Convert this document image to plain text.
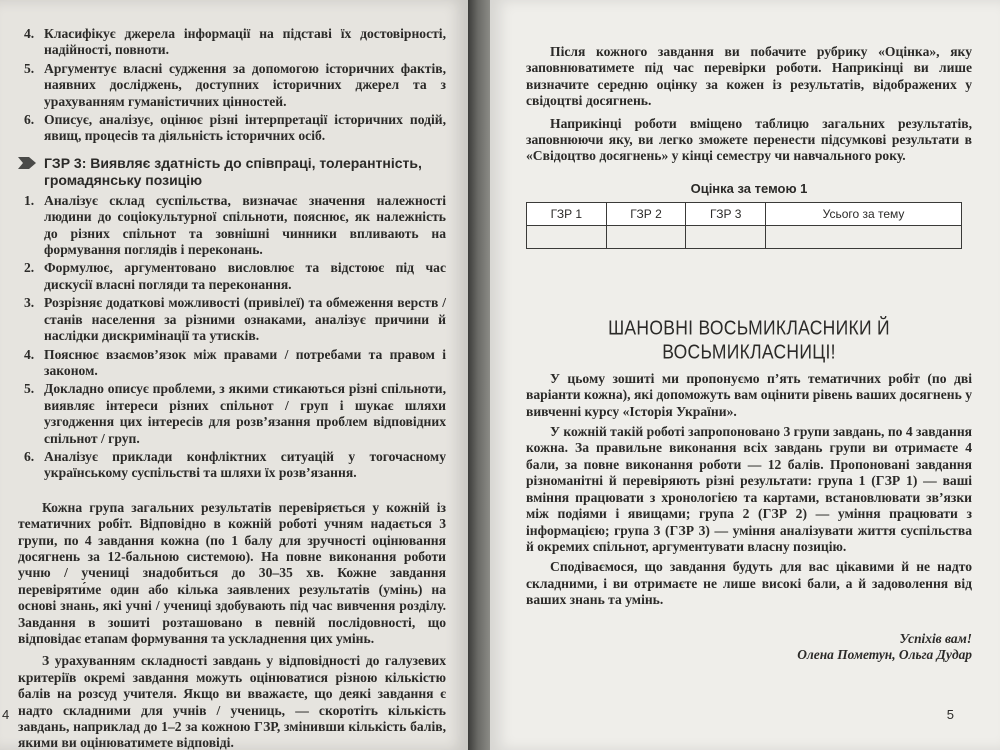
4. Класифікує джерела інформації на підставі їх достовірності, надійності, повноти.
5. Аргументує власні судження за допомогою історичних фактів, наявних досліджень, доступних історичних джерел та з урахуванням гуманістичних цінностей.
6. Описує, аналізує, оцінює різні інтерпретації історичних подій, явищ, процесів та діяльність історичних осіб.
ГЗР 3: Виявляє здатність до співпраці, толерантність, громадянську позицію
1. Аналізує склад суспільства, визначає значення належності людини до соціокультурної спільноти, пояснює, як належність до різних спільнот та зовнішні чинники впливають на формування поглядів і переконань.
2. Формулює, аргументовано висловлює та відстоює під час дискусії власні погляди та переконання.
3. Розрізняє додаткові можливості (привілеї) та обмеження верств / станів населення за різними ознаками, аналізує причини й наслідки дискримінації та утисків.
4. Пояснює взаємов’язок між правами / потребами та правом і законом.
5. Докладно описує проблеми, з якими стикаються різні спільноти, виявляє інтереси різних спільнот / груп і шукає шляхи узгодження цих інтересів для розв’язання проблем відповідних спільнот / груп.
6. Аналізує приклади конфліктних ситуацій у тогочасному українському суспільстві та шляхи їх розв’язання.

Кожна група загальних результатів перевіряється у кожній із тематичних робіт. Відповідно в кожній роботі учням надається 3 групи, по 4 завдання кожна (по 1 балу для зручності оцінювання досягнень за 12-бальною системою). На повне виконання роботи учню / учениці знадобиться до 30–35 хв. Кожне завдання перевіряти́ме один або кілька заявлених результатів (умінь) на основі знань, які учні / учениці здобувають під час вивчення розділу. Завдання в зошиті розташовано в певній послідовності, що відповідає етапам формування та ускладнення цих умінь.

З урахуванням складності завдань у відповідності до галузевих критеріїв окремі завдання можуть оцінюватися різною кількістю балів на розсуд учителя. Якщо ви вважаєте, що деякі завдання є надто складними для учнів / учениць, — скоротіть кількість завдань, наприклад до 1–2 за кожною ГЗР, змінивши кількість балів, якими ви оцінюватимете відповіді.

4

Після кожного завдання ви побачите рубрику «Оцінка», яку заповнюватимете під час перевірки роботи. Наприкінці ви лише визначите середню оцінку за кожен із результатів, відображених у свідоцтві досягнень.

Наприкінці роботи вміщено таблицю загальних результатів, заповнюючи яку, ви легко зможете перенести підсумкові результати в «Свідоцтво досягнень» у кінці семестру чи навчального року.

Оцінка за темою 1
ГЗР 1	ГЗР 2	ГЗР 3	Усього за тему

ШАНОВНІ ВОСЬМИКЛАСНИКИ Й ВОСЬМИКЛАСНИЦІ!

У цьому зошиті ми пропонуємо п’ять тематичних робіт (по дві варіанти кожна), які допоможуть вам оцінити рівень ваших досягнень у вивченні курсу «Історія України».

У кожній такій роботі запропоновано 3 групи завдань, по 4 завдання кожна. За правильне виконання всіх завдань групи ви отримаєте 4 бали, за повне виконання роботи — 12 балів. Пропоновані завдання різноманітні й перевіряють різні результати: група 1 (ГЗР 1) — ваші вміння працювати з хронологією та картами, встановлювати зв’язки між подіями і явищами; група 2 (ГЗР 2) — уміння працювати з інформацією; група 3 (ГЗР 3) — уміння аналізувати життя суспільства й окремих спільнот, аргументувати власну позицію.

Сподіваємося, що завдання будуть для вас цікавими й не надто складними, і ви отримаєте не лише високі бали, а й задоволення від ваших знань та умінь.

Успіхів вам!
Олена Пометун, Ольга Дудар
5
